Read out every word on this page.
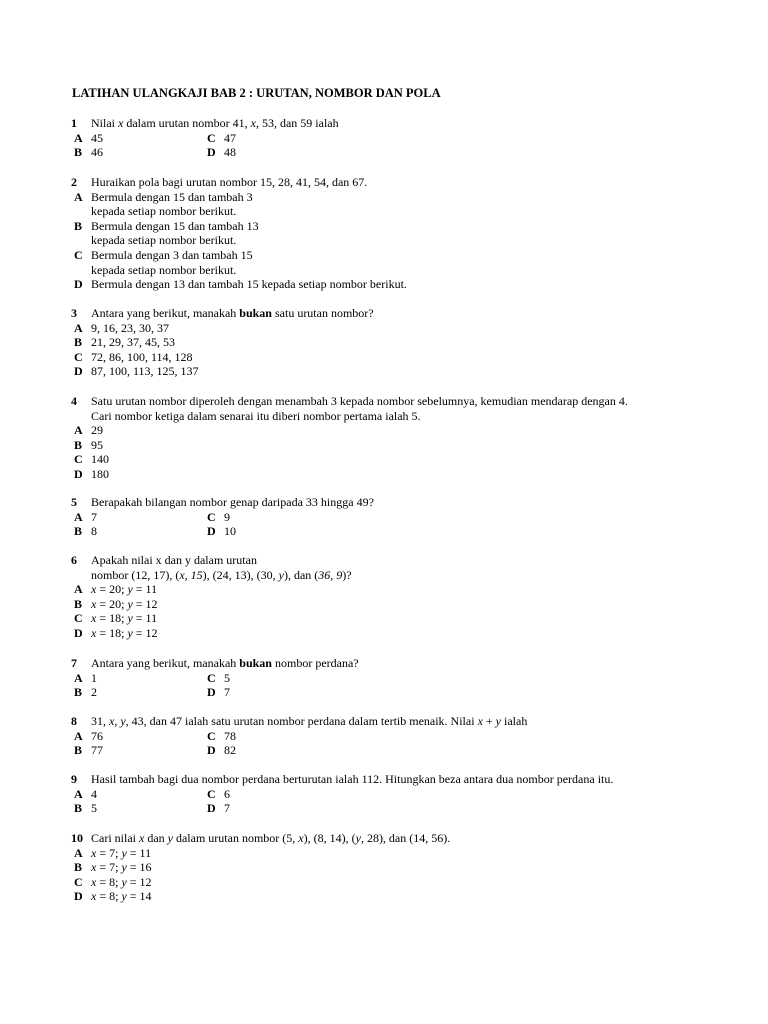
LATIHAN ULANGKAJI BAB 2 : URUTAN, NOMBOR DAN POLA
1 Nilai x dalam urutan nombor 41, x, 53, dan 59 ialah
A 45	C 47
B 46	D 48
2 Huraikan pola bagi urutan nombor 15, 28, 41, 54, dan 67.
A Bermula dengan 15 dan tambah 3
kepada setiap nombor berikut.
B Bermula dengan 15 dan tambah 13
kepada setiap nombor berikut.
C Bermula dengan 3 dan tambah 15
kepada setiap nombor berikut.
D Bermula dengan 13 dan tambah 15 kepada setiap nombor berikut.
3 Antara yang berikut, manakah bukan satu urutan nombor?
A 9, 16, 23, 30, 37
B 21, 29, 37, 45, 53
C 72, 86, 100, 114, 128
D 87, 100, 113, 125, 137
4 Satu urutan nombor diperoleh dengan menambah 3 kepada nombor sebelumnya, kemudian mendarap dengan 4.
Cari nombor ketiga dalam senarai itu diberi nombor pertama ialah 5.
A 29
B 95
C 140
D 180
5 Berapakah bilangan nombor genap daripada 33 hingga 49?
A 7	C 9
B 8	D 10
6 Apakah nilai x dan y dalam urutan
nombor (12, 17), (x, 15), (24, 13), (30, y), dan (36, 9)?
A x = 20; y = 11
B x = 20; y = 12
C x = 18; y = 11
D x = 18; y = 12
7 Antara yang berikut, manakah bukan nombor perdana?
A 1	C 5
B 2	D 7
8 31, x, y, 43, dan 47 ialah satu urutan nombor perdana dalam tertib menaik. Nilai x + y ialah
A 76	C 78
B 77	D 82
9 Hasil tambah bagi dua nombor perdana berturutan ialah 112. Hitungkan beza antara dua nombor perdana itu.
A 4	C 6
B 5	D 7
10 Cari nilai x dan y dalam urutan nombor (5, x), (8, 14), (y, 28), dan (14, 56).
A x = 7; y = 11
B x = 7; y = 16
C x = 8; y = 12
D x = 8; y = 14
